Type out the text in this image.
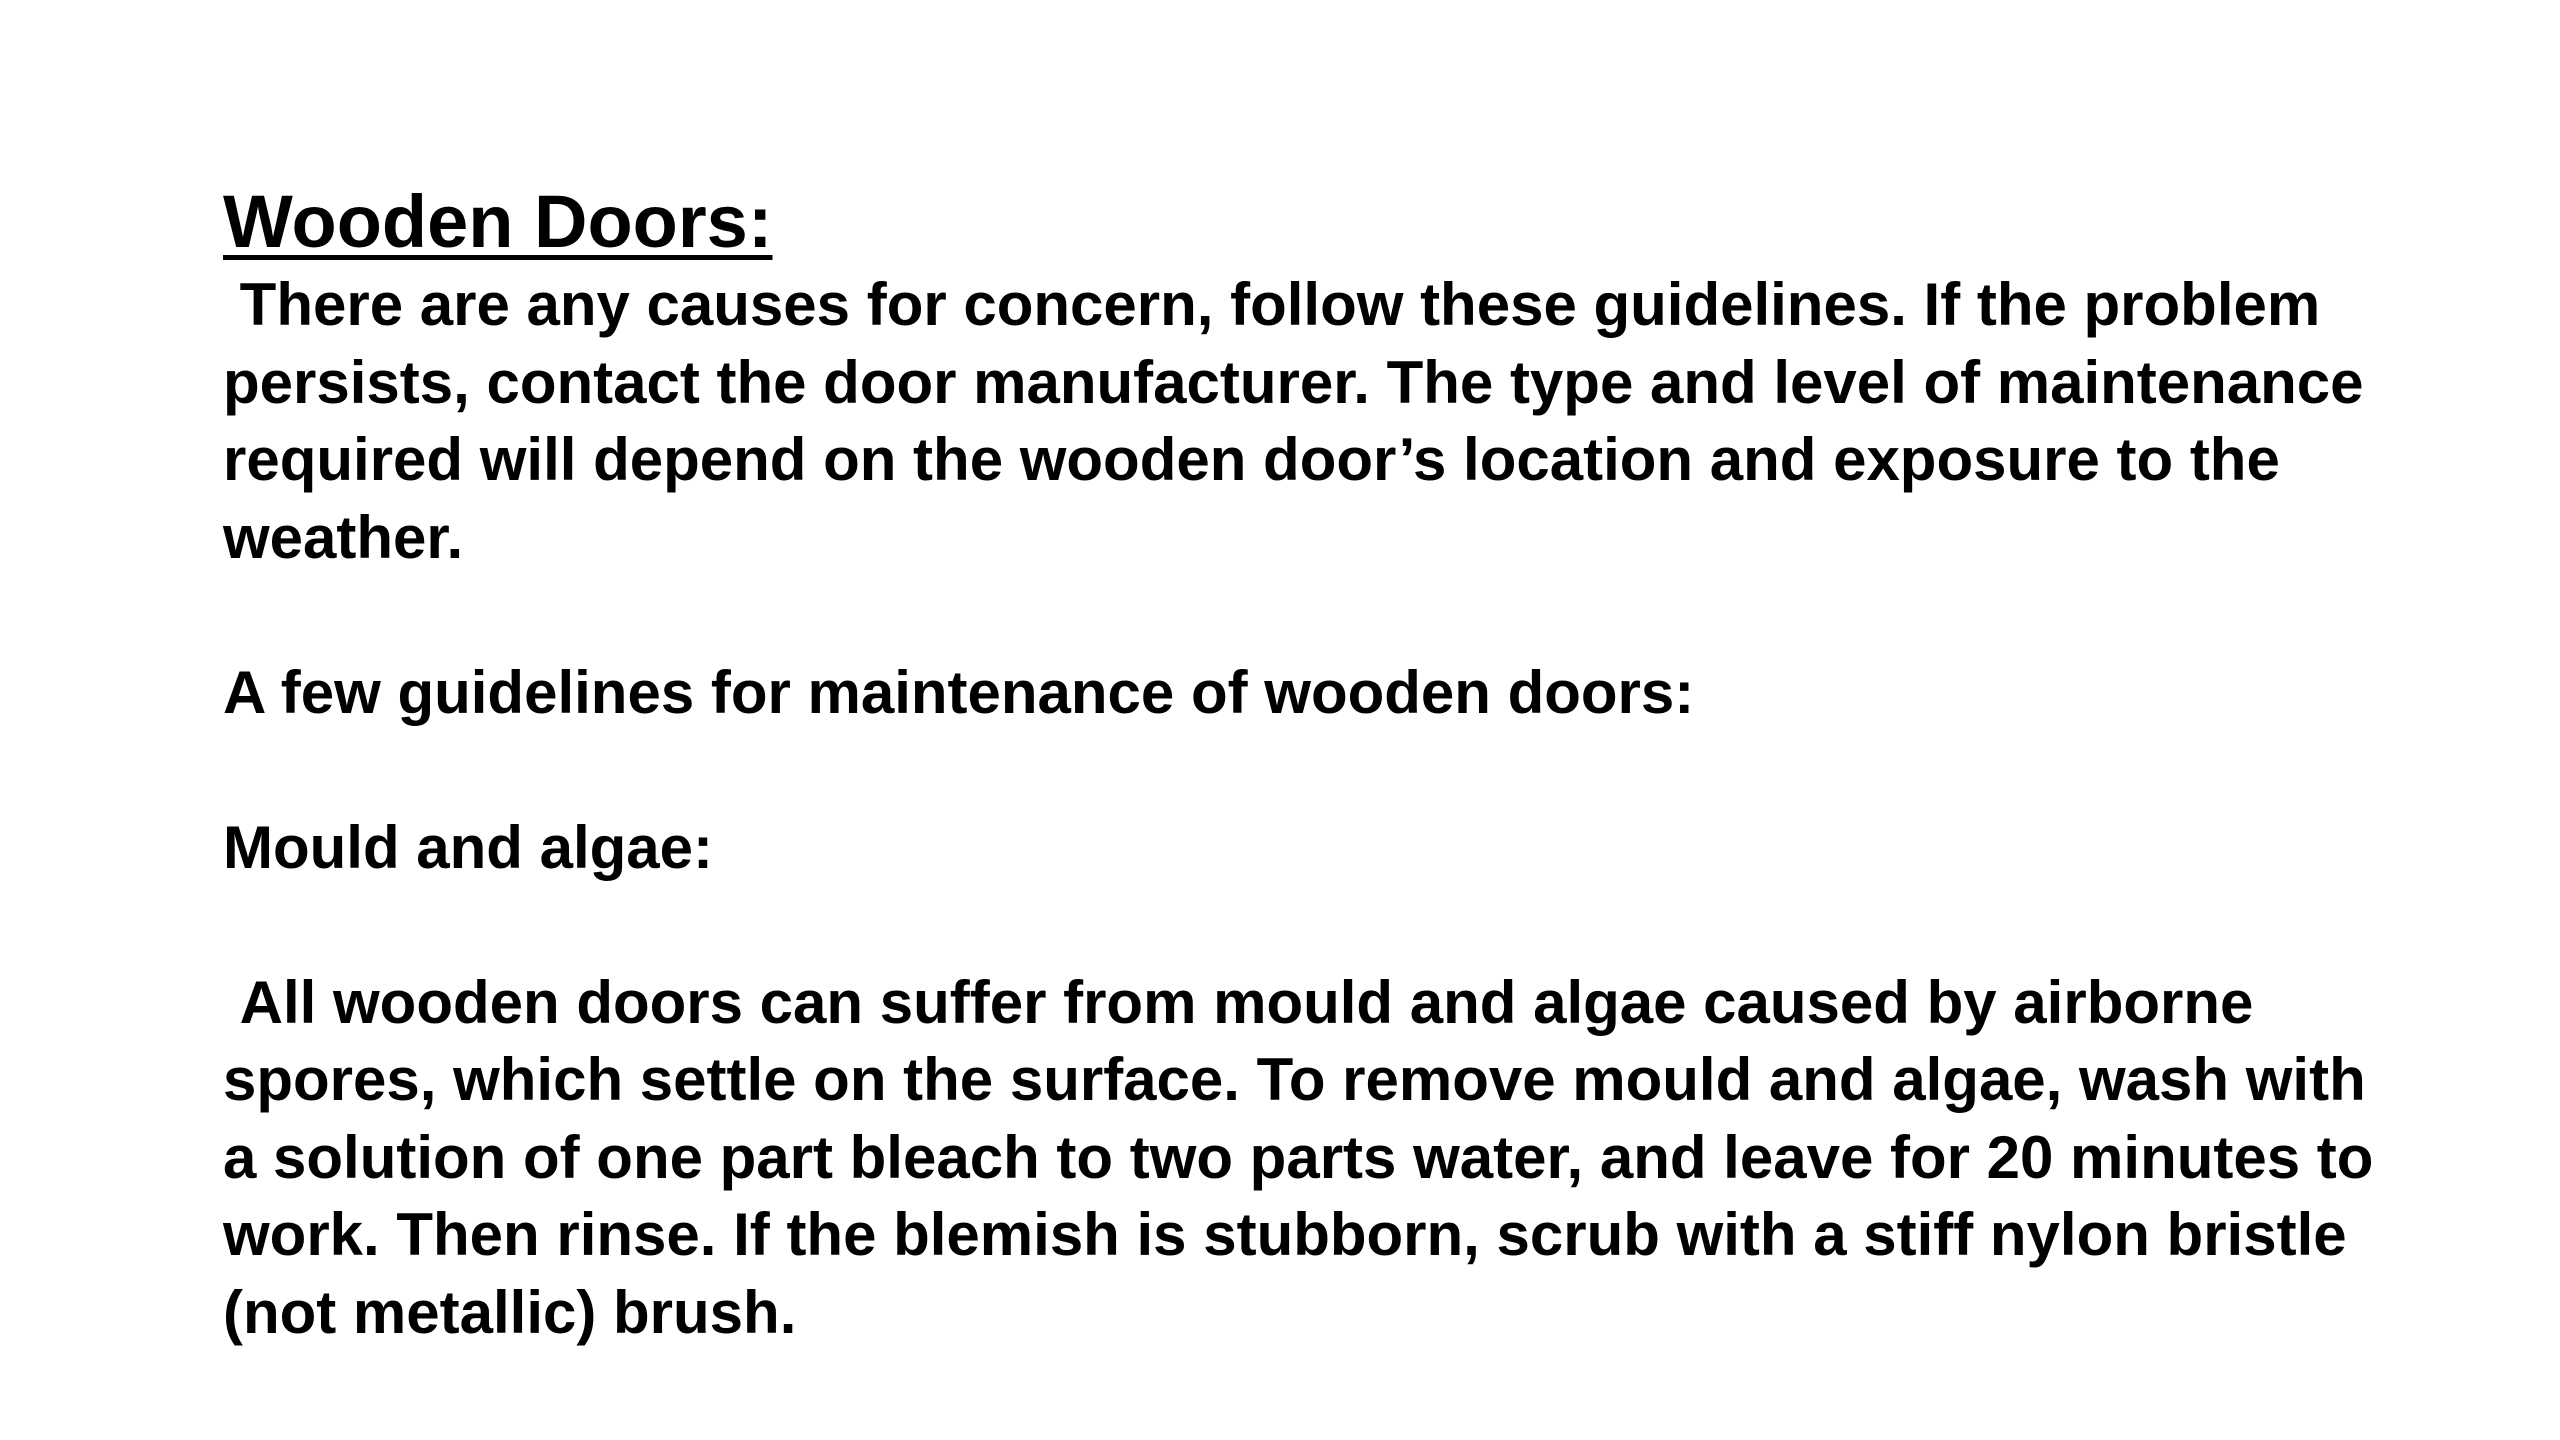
Wooden Doors:

There are any causes for concern, follow these guidelines. If the problem persists, contact the door manufacturer. The type and level of maintenance required will depend on the wooden door’s location and exposure to the weather.

A few guidelines for maintenance of wooden doors:

Mould and algae:

All wooden doors can suffer from mould and algae caused by airborne spores, which settle on the surface. To remove mould and algae, wash with a solution of one part bleach to two parts water, and leave for 20 minutes to work. Then rinse. If the blemish is stubborn, scrub with a stiff nylon bristle (not metallic) brush.
